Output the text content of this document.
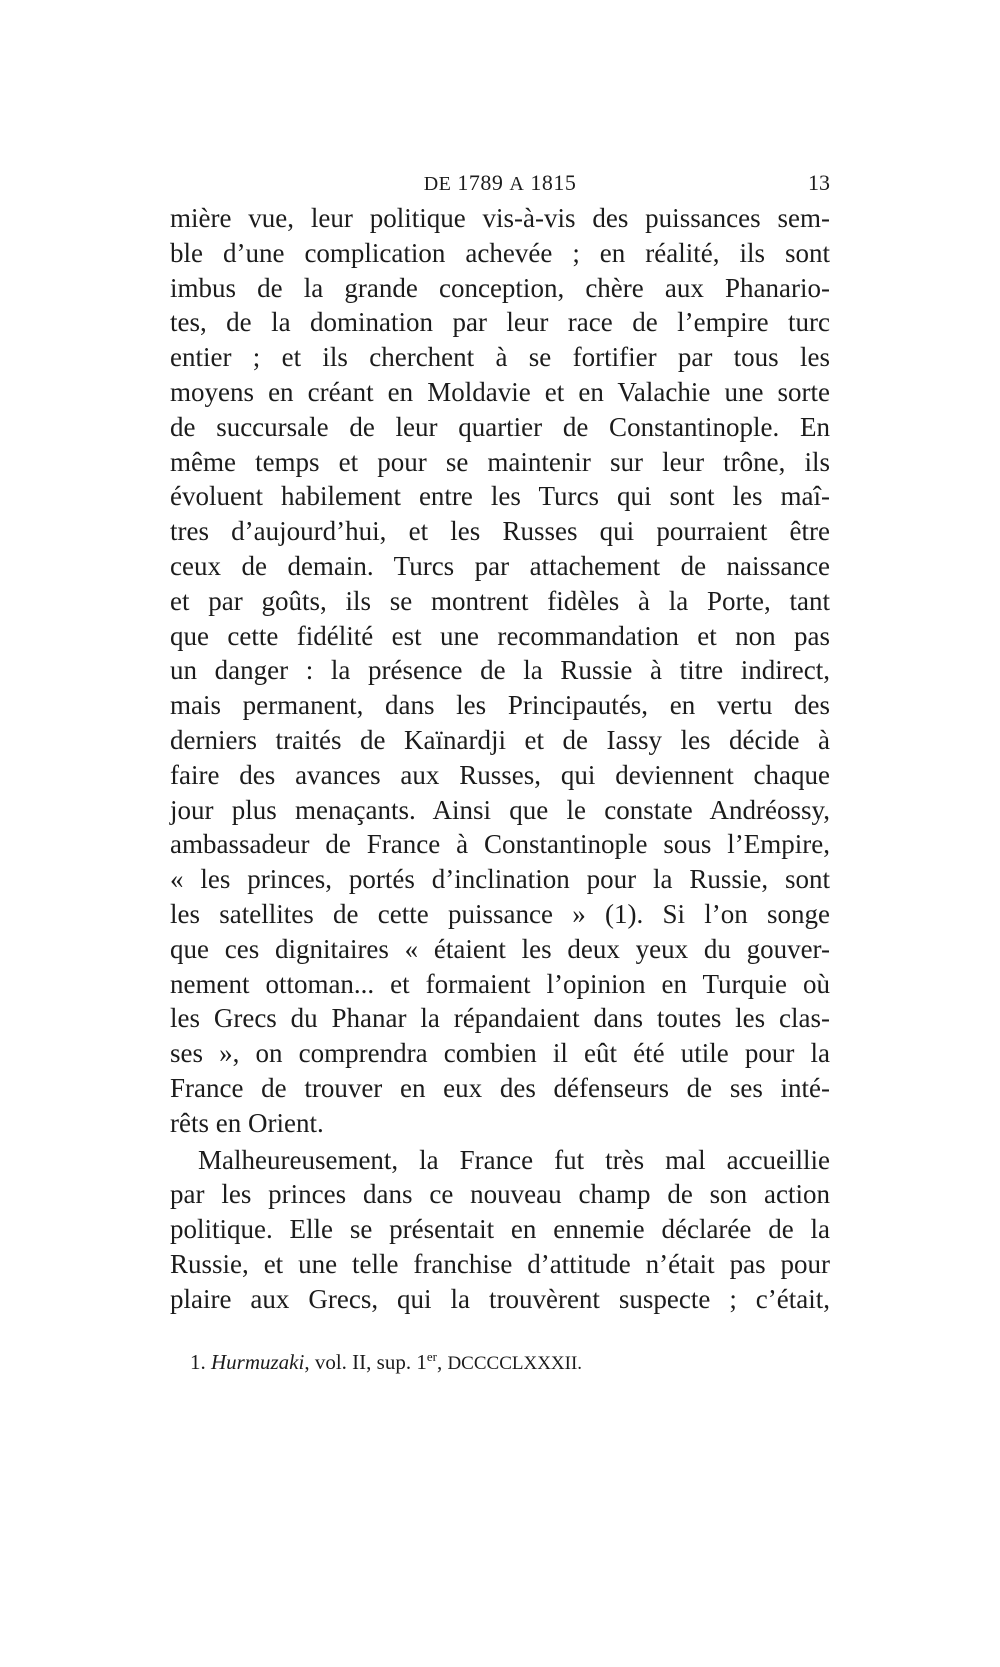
DE 1789 A 1815	13
mière vue, leur politique vis-à-vis des puissances sem-
ble d’une complication achevée ; en réalité, ils sont
imbus de la grande conception, chère aux Phanario-
tes, de la domination par leur race de l’empire turc
entier ; et ils cherchent à se fortifier par tous les
moyens en créant en Moldavie et en Valachie une sorte
de succursale de leur quartier de Constantinople. En
même temps et pour se maintenir sur leur trône, ils
évoluent habilement entre les Turcs qui sont les maî-
tres d’aujourd’hui, et les Russes qui pourraient être
ceux de demain. Turcs par attachement de naissance
et par goûts, ils se montrent fidèles à la Porte, tant
que cette fidélité est une recommandation et non pas
un danger : la présence de la Russie à titre indirect,
mais permanent, dans les Principautés, en vertu des
derniers traités de Kaïnardji et de Iassy les décide à
faire des avances aux Russes, qui deviennent chaque
jour plus menaçants. Ainsi que le constate Andréossy,
ambassadeur de France à Constantinople sous l’Empire,
« les princes, portés d’inclination pour la Russie, sont
les satellites de cette puissance » (1). Si l’on songe
que ces dignitaires « étaient les deux yeux du gouver-
nement ottoman... et formaient l’opinion en Turquie où
les Grecs du Phanar la répandaient dans toutes les clas-
ses », on comprendra combien il eût été utile pour la
France de trouver en eux des défenseurs de ses inté-
rêts en Orient.
Malheureusement, la France fut très mal accueillie
par les princes dans ce nouveau champ de son action
politique. Elle se présentait en ennemie déclarée de la
Russie, et une telle franchise d’attitude n’était pas pour
plaire aux Grecs, qui la trouvèrent suspecte ; c’était,
1. Hurmuzaki, vol. II, sup. 1er, DCCCCLXXXII.
